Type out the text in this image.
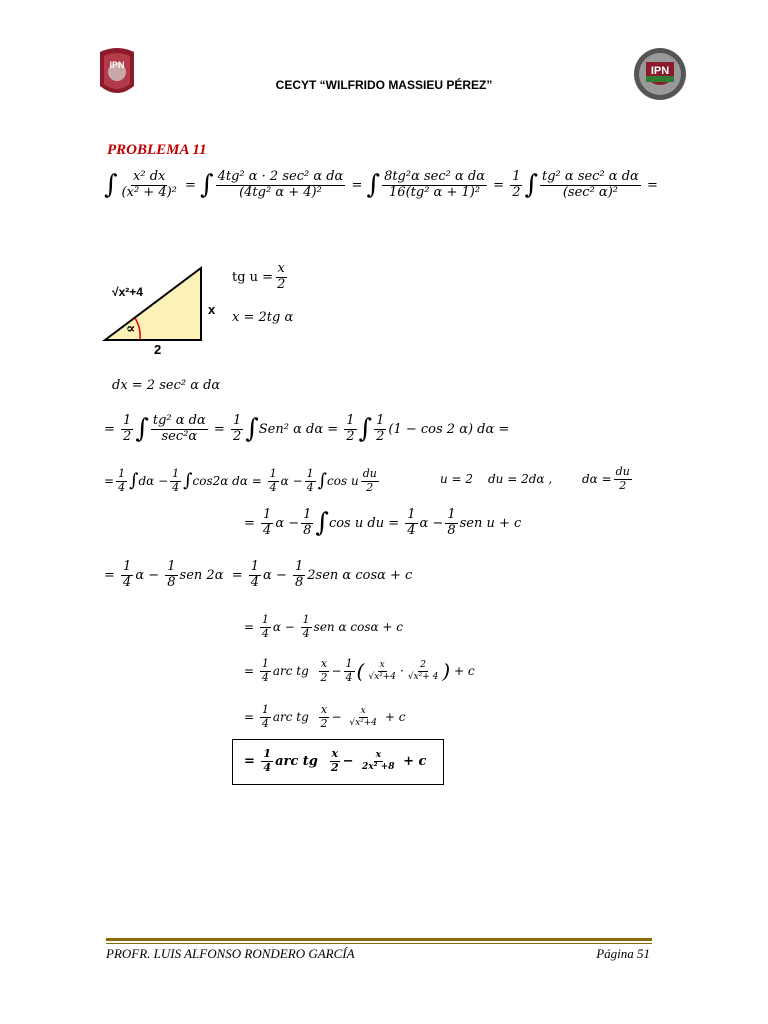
IPN	IPN
CECYT “WILFRIDO MASSIEU PÉREZ”
PROBLEMA 11
∫ $\frac{\text{x² dx}}{\text{(x² + 4)²}}$ = ∫ $\frac{\text{4tg² α · 2 sec² α dα}}{\text{(4tg² α + 4)²}}$ = ∫ $\frac{\text{8tg²α sec² α dα}}{\text{16(tg² α + 1)²}} = \frac{1}{2}$ ∫ $\frac{\text{tg² α sec² α dα}}{\text{(sec² α)²}}$ =
√x²+4
x
2
∝
tg $u = \frac{x}{2}$
x = 2tg α
dx = 2 sec² α dα
= $\frac{1}{2}$ ∫ $\frac{\text{tg² α dα}}{\text{sec²α}} = \frac{1}{2}$ ∫ Sen² α $d\alpha = \frac{1}{2}$ ∫ $\frac{1}{2} (1 - \cos 2$ α) dα =
= $\frac{1}{4}$ ∫ $d\alpha - \frac{1}{4}$ ∫ cos2α $d\alpha = \frac{1}{4}$ $\alpha - \frac{1}{4}$ ∫ cos u $\frac{du}{2}$	u = 2 du = 2dα , $d\alpha = \frac{du}{2}$
= $\frac{1}{4}$ $\alpha - \frac{1}{8}$ ∫ cos u du = $\frac{1}{4}$ $\alpha - \frac{1}{8}$ sen u + c
= $\frac{1}{4}$ $\alpha - \frac{1}{8}$ sen $2\alpha = \frac{1}{4}$ $\alpha - \frac{1}{8} 2sen$ α cosα + c
= $\frac{1}{4}$ $\alpha - \frac{1}{4}$ sen α cosα + c
= $\frac{1}{4}$ arc tg
$\frac{x}{2} - \frac{1}{4}$ ( $\frac{x}{\text{√x²+4}} \cdot \frac{2}{\text{√x²+ 4}}$ )
+ c
= $\frac{1}{4}$ arc tg
$\frac{x}{2} - \frac{x}{\text{√x²+4}}$
+ c
= $\frac{1}{4}$ arc tg
$\frac{x}{2} - \frac{x}{\text{2x² +8}}$
+ c
PROFR. LUIS ALFONSO RONDERO GARCÍA	Página 51
